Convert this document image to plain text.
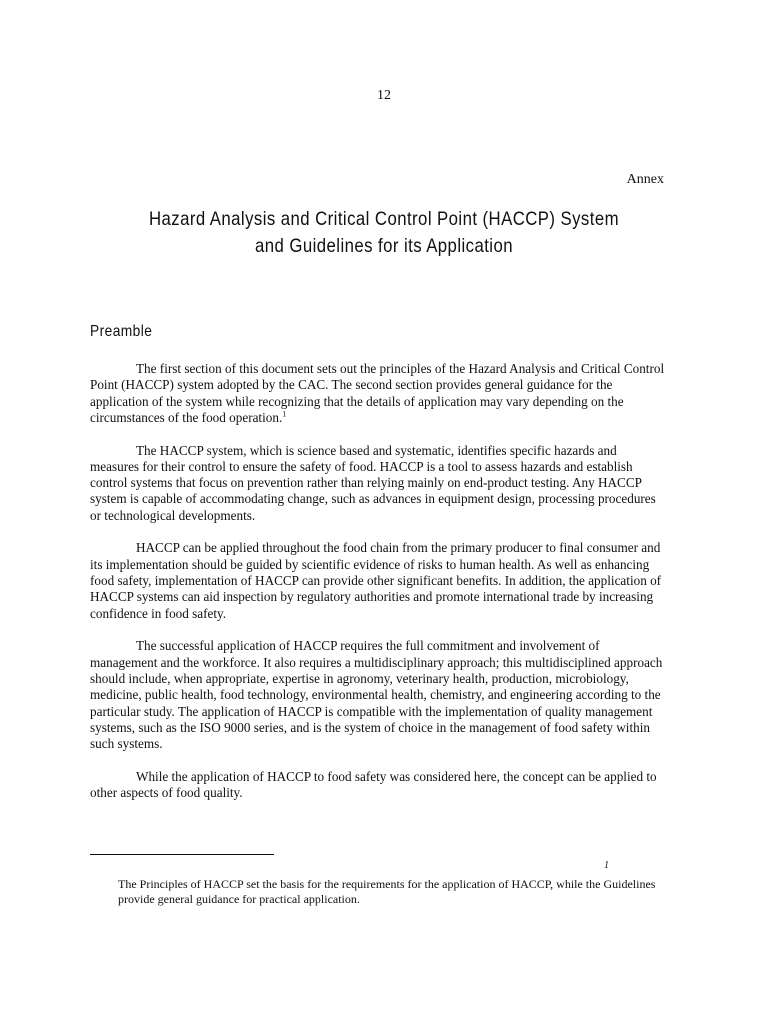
12
Annex
Hazard Analysis and Critical Control Point (HACCP) System
and Guidelines for its Application
Preamble

The first section of this document sets out the principles of the Hazard Analysis and Critical Control Point (HACCP) system adopted by the CAC. The second section provides general guidance for the application of the system while recognizing that the details of application may vary depending on the circumstances of the food operation.$^1$

The HACCP system, which is science based and systematic, identifies specific hazards and measures for their control to ensure the safety of food. HACCP is a tool to assess hazards and establish control systems that focus on prevention rather than relying mainly on end-product testing. Any HACCP system is capable of accommodating change, such as advances in equipment design, processing procedures or technological developments.

HACCP can be applied throughout the food chain from the primary producer to final consumer and its implementation should be guided by scientific evidence of risks to human health. As well as enhancing food safety, implementation of HACCP can provide other significant benefits. In addition, the application of HACCP systems can aid inspection by regulatory authorities and promote international trade by increasing confidence in food safety.

The successful application of HACCP requires the full commitment and involvement of management and the workforce. It also requires a multidisciplinary approach; this multidisciplined approach should include, when appropriate, expertise in agronomy, veterinary health, production, microbiology, medicine, public health, food technology, environmental health, chemistry, and engineering according to the particular study. The application of HACCP is compatible with the implementation of quality management systems, such as the ISO 9000 series, and is the system of choice in the management of food safety within such systems.

While the application of HACCP to food safety was considered here, the concept can be applied to other aspects of food quality.

1
The Principles of HACCP set the basis for the requirements for the application of HACCP, while the Guidelines provide general guidance for practical application.
